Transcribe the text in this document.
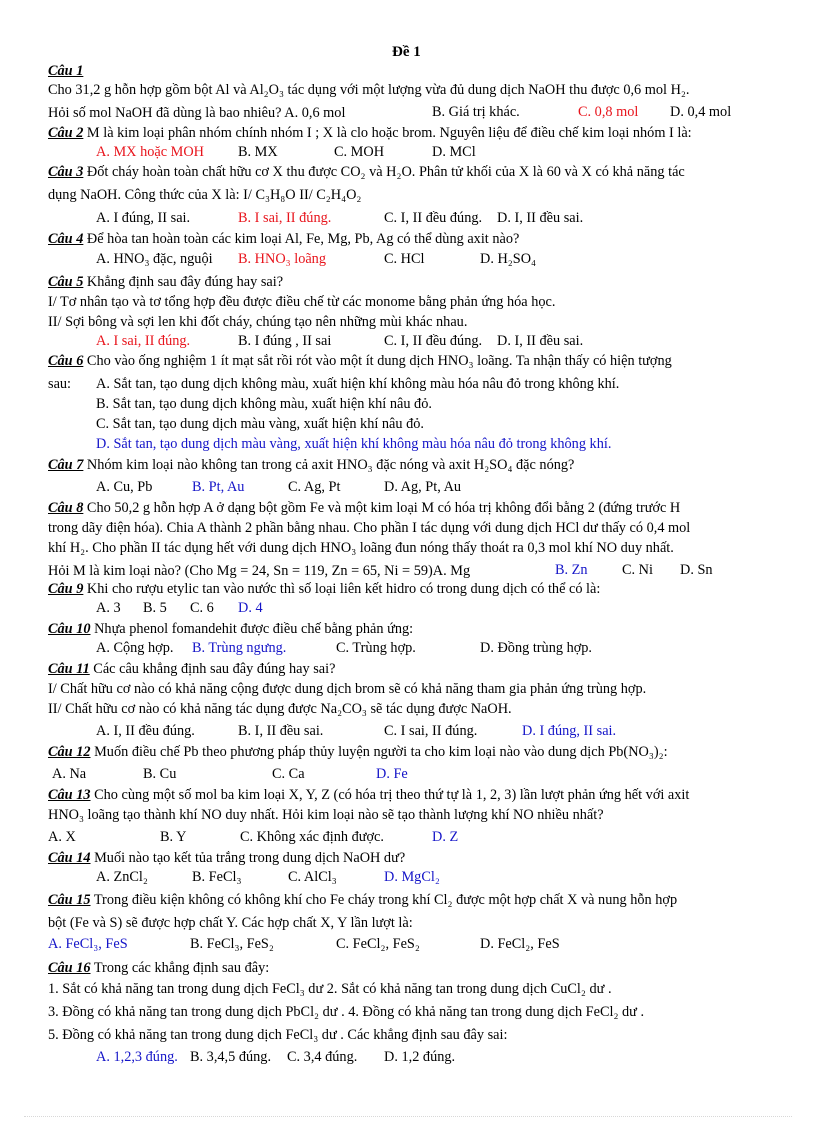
Đề 1
Câu 1
Cho 31,2 g hỗn hợp gồm bột Al và Al₂O₃ tác dụng với một lượng vừa đủ dung dịch NaOH thu được 0,6 mol H₂.
Hỏi số mol NaOH đã dùng là bao nhiêu? A. 0,6 mol	B. Giá trị khác.	C. 0,8 mol D. 0,4 mol
Câu 2 M là kim loại phân nhóm chính nhóm I ; X là clo hoặc brom. Nguyên liệu để điều chế kim loại nhóm I là:
A. MX hoặc MOH B. MX	C. MOH	D. MCl
Câu 3 Đốt cháy hoàn toàn chất hữu cơ X thu được CO₂ và H₂O. Phân tử khối của X là 60 và X có khả năng tác
dụng NaOH. Công thức của X là: I/ C₃H₈O II/ C₂H₄O₂
A. I đúng, II sai.	B. I sai, II đúng.	C. I, II đều đúng. D. I, II đều sai.
Câu 4 Để hòa tan hoàn toàn các kim loại Al, Fe, Mg, Pb, Ag có thể dùng axit nào?
A. HNO₃ đặc, nguội B. HNO₃ loãng	C. HCl	D. H₂SO₄
Câu 5 Khẳng định sau đây đúng hay sai?
I/ Tơ nhân tạo và tơ tổng hợp đều được điều chế từ các monome bằng phản ứng hóa học.
II/ Sợi bông và sợi len khi đốt cháy, chúng tạo nên những mùi khác nhau.
A. I sai, II đúng.	B. I đúng , II sai	C. I, II đều đúng. D. I, II đều sai.
Câu 6 Cho vào ống nghiệm 1 ít mạt sắt rồi rót vào một ít dung dịch HNO₃ loãng. Ta nhận thấy có hiện tượng
sau: A. Sắt tan, tạo dung dịch không màu, xuất hiện khí không màu hóa nâu đỏ trong không khí.
B. Sắt tan, tạo dung dịch không màu, xuất hiện khí nâu đỏ.
C. Sắt tan, tạo dung dịch màu vàng, xuất hiện khí nâu đỏ.
D. Sắt tan, tạo dung dịch màu vàng, xuất hiện khí không màu hóa nâu đỏ trong không khí.
Câu 7 Nhóm kim loại nào không tan trong cả axit HNO₃ đặc nóng và axit H₂SO₄ đặc nóng?
A. Cu, Pb	B. Pt, Au	C. Ag, Pt	D. Ag, Pt, Au
Câu 8 Cho 50,2 g hỗn hợp A ở dạng bột gồm Fe và một kim loại M có hóa trị không đổi bằng 2 (đứng trước H
trong dãy điện hóa). Chia A thành 2 phần bằng nhau. Cho phần I tác dụng với dung dịch HCl dư thấy có 0,4 mol
khí H₂. Cho phần II tác dụng hết với dung dịch HNO₃ loãng đun nóng thấy thoát ra 0,3 mol khí NO duy nhất.
Hỏi M là kim loại nào? (Cho Mg = 24, Sn = 119, Zn = 65, Ni = 59)A. Mg	B. Zn C. Ni D. Sn
Câu 9 Khi cho rượu etylic tan vào nước thì số loại liên kết hidro có trong dung dịch có thể có là:
A. 3 B. 5 C. 6 D. 4
Câu 10 Nhựa phenol fomandehit được điều chế bằng phản ứng:
A. Cộng hợp. B. Trùng ngưng.	C. Trùng hợp.	D. Đồng trùng hợp.
Câu 11 Các câu khẳng định sau đây đúng hay sai?
I/ Chất hữu cơ nào có khả năng cộng được dung dịch brom sẽ có khả năng tham gia phản ứng trùng hợp.
II/ Chất hữu cơ nào có khả năng tác dụng được Na₂CO₃ sẽ tác dụng được NaOH.
A. I, II đều đúng.	B. I, II đều sai.	C. I sai, II đúng.	D. I đúng, II sai.
Câu 12 Muốn điều chế Pb theo phương pháp thủy luyện người ta cho kim loại nào vào dung dịch Pb(NO₃)₂:
A. Na	B. Cu	C. Ca	D. Fe
Câu 13 Cho cùng một số mol ba kim loại X, Y, Z (có hóa trị theo thứ tự là 1, 2, 3) lần lượt phản ứng hết với axit
HNO₃ loãng tạo thành khí NO duy nhất. Hỏi kim loại nào sẽ tạo thành lượng khí NO nhiều nhất?
A. X	B. Y	C. Không xác định được.	D. Z
Câu 14 Muối nào tạo kết tủa trắng trong dung dịch NaOH dư?
A. ZnCl₂	B. FeCl₃	C. AlCl₃	D. MgCl₂
Câu 15 Trong điều kiện không có không khí cho Fe cháy trong khí Cl₂ được một hợp chất X và nung hỗn hợp
bột (Fe và S) sẽ được hợp chất Y. Các hợp chất X, Y lần lượt là:
A. FeCl₃, FeS	B. FeCl₃, FeS₂	C. FeCl₂, FeS₂	D. FeCl₂, FeS
Câu 16 Trong các khẳng định sau đây:
1. Sắt có khả năng tan trong dung dịch FeCl₃ dư 2. Sắt có khả năng tan trong dung dịch CuCl₂ dư .
3. Đồng có khả năng tan trong dung dịch PbCl₂ dư . 4. Đồng có khả năng tan trong dung dịch FeCl₂ dư .
5. Đồng có khả năng tan trong dung dịch FeCl₃ dư . Các khẳng định sau đây sai:
A. 1,2,3 đúng. B. 3,4,5 đúng. C. 3,4 đúng. D. 1,2 đúng.
